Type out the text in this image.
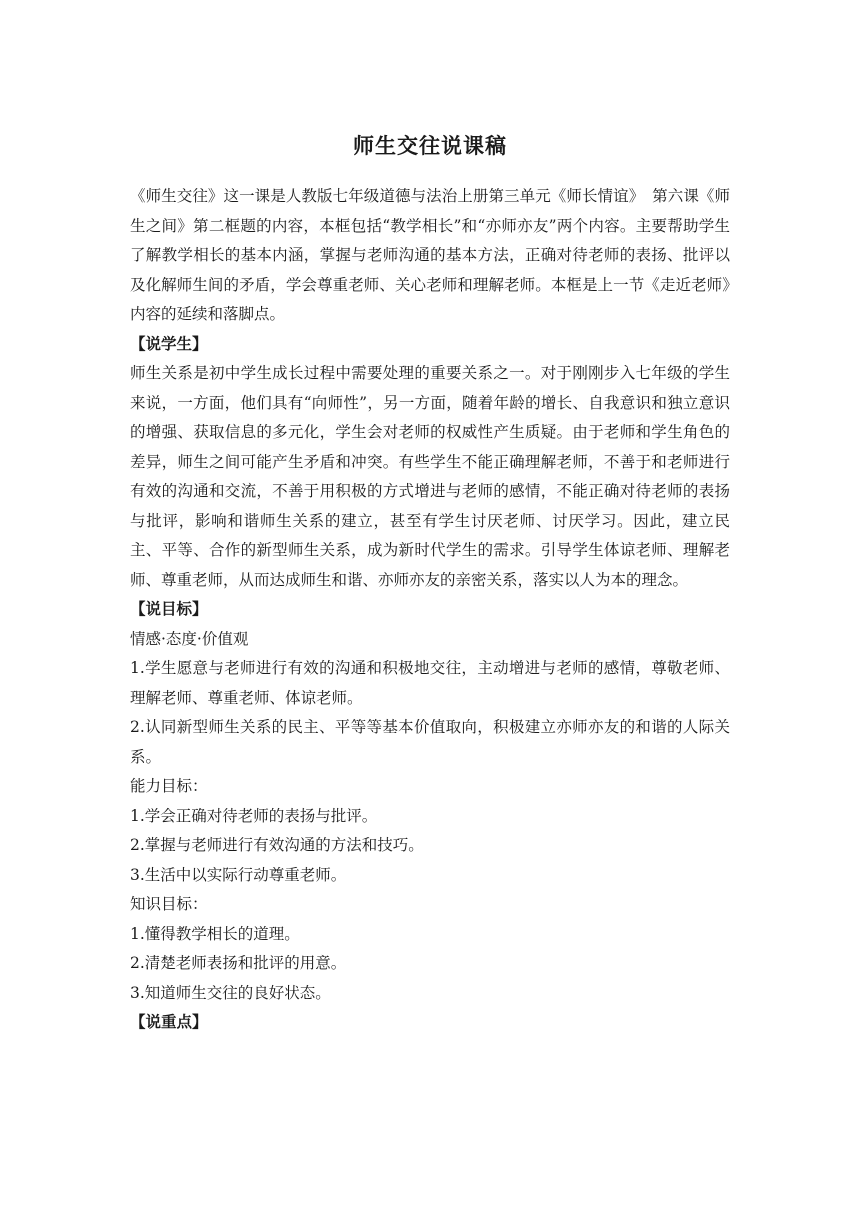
师生交往说课稿

《师生交往》这一课是人教版七年级道德与法治上册第三单元《师长情谊》　第六课《师生之间》第二框题的内容，本框包括“教学相长”和“亦师亦友”两个内容。主要帮助学生了解教学相长的基本内涵，掌握与老师沟通的基本方法，正确对待老师的表扬、批评以及化解师生间的矛盾，学会尊重老师、关心老师和理解老师。本框是上一节《走近老师》内容的延续和落脚点。

【说学生】

师生关系是初中学生成长过程中需要处理的重要关系之一。对于刚刚步入七年级的学生来说，一方面，他们具有“向师性”，另一方面，随着年龄的增长、自我意识和独立意识的增强、获取信息的多元化，学生会对老师的权威性产生质疑。由于老师和学生角色的差异，师生之间可能产生矛盾和冲突。有些学生不能正确理解老师，不善于和老师进行有效的沟通和交流，不善于用积极的方式增进与老师的感情，不能正确对待老师的表扬与批评，影响和谐师生关系的建立，甚至有学生讨厌老师、讨厌学习。因此，建立民主、平等、合作的新型师生关系，成为新时代学生的需求。引导学生体谅老师、理解老师、尊重老师，从而达成师生和谐、亦师亦友的亲密关系，落实以人为本的理念。

【说目标】

情感·态度·价值观

1.学生愿意与老师进行有效的沟通和积极地交往，主动增进与老师的感情，尊敬老师、理解老师、尊重老师、体谅老师。

2.认同新型师生关系的民主、平等等基本价值取向，积极建立亦师亦友的和谐的人际关系。

能力目标：

1.学会正确对待老师的表扬与批评。

2.掌握与老师进行有效沟通的方法和技巧。

3.生活中以实际行动尊重老师。

知识目标：

1.懂得教学相长的道理。

2.清楚老师表扬和批评的用意。

3.知道师生交往的良好状态。

【说重点】
